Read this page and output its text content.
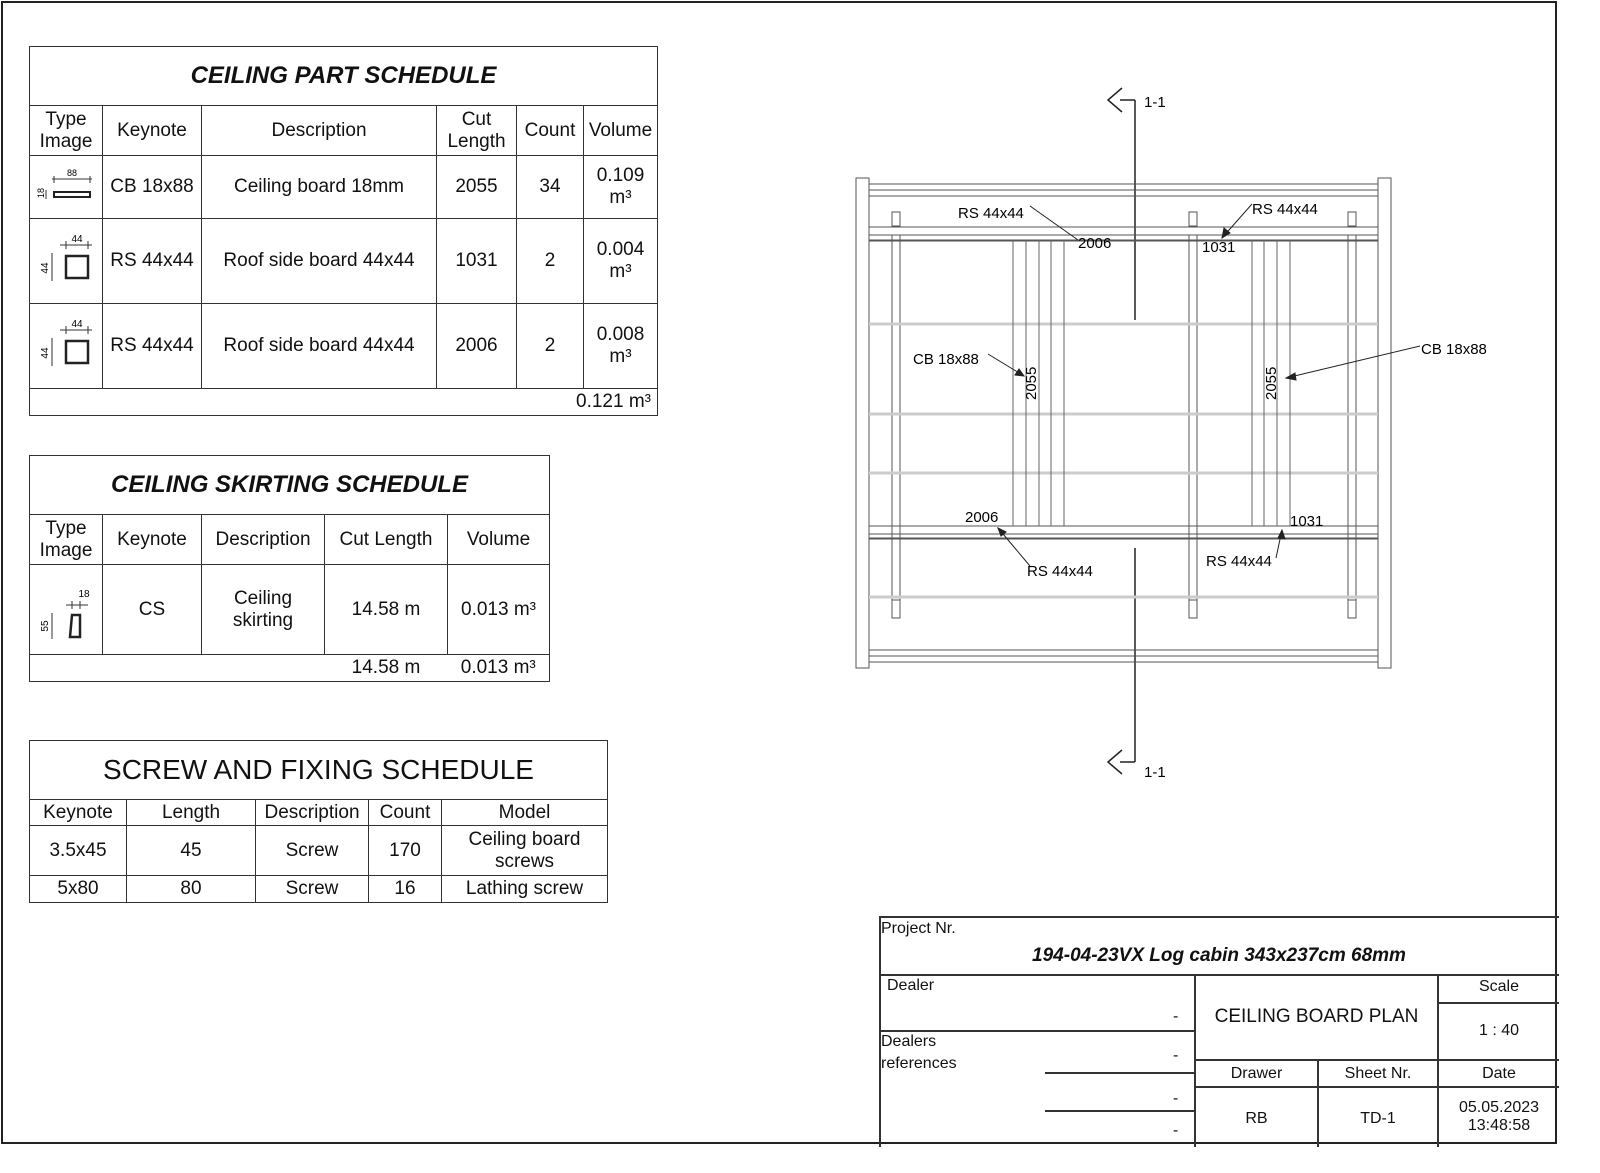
CEILING PART SCHEDULE					
Type Image	Keynote	Description	Cut Length	Count	Volume

88
18	CB 18x88	Ceiling board 18mm	2055	34	0.109 m³

44
44	RS 44x44	Roof side board 44x44	1031	2	0.004 m³

44
44	RS 44x44	Roof side board 44x44	2006	2	0.008 m³
0.121 m³					
CEILING SKIRTING SCHEDULE				
Type Image	Keynote	Description	Cut Length	Volume

18
55	CS	Ceiling skirting	14.58 m	0.013 m³
			14.58 m	0.013 m³
SCREW AND FIXING SCHEDULE				
Keynote	Length	Description	Count	Model
3.5x45	45	Screw	170	Ceiling board screws
5x80	80	Screw	16	Lathing screw
1-1
1-1
RS 44x44
2006
RS 44x44
1031
CB 18x88
2055
CB 18x88
2055
2006
RS 44x44
1031
RS 44x44
Project Nr.
194-04-23VX Log cabin 343x237cm 68mm
Dealer
-
Dealers references	-
-
-
CEILING BOARD PLAN
Scale
1 : 40
Drawer	Sheet Nr.	Date
RB	TD-1
05.05.2023
13:48:58
